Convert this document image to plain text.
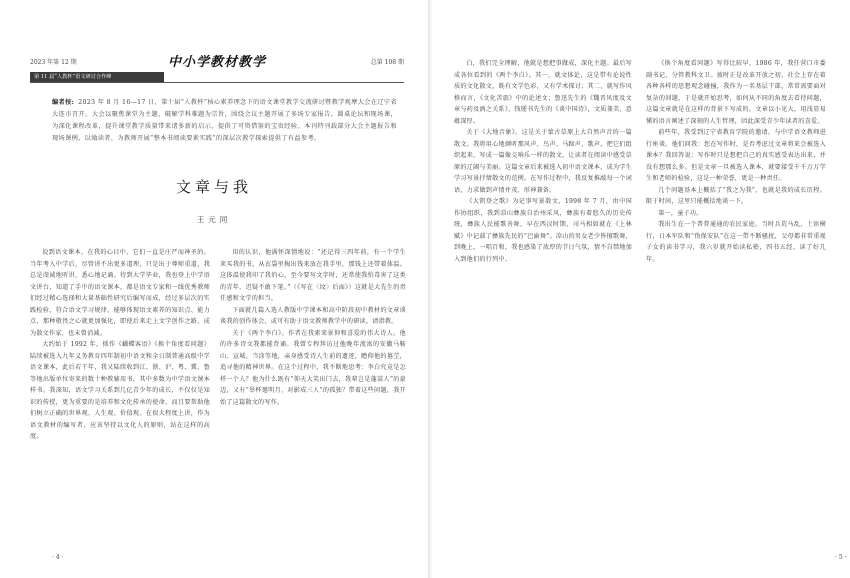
2023 年第 12 期	中小学教材教学	总第 108 期
第 11 届“人教杯”语文研讨合作峰
编者按: 2023 年 8 月 16—17 日，第十届“人教杯”核心素养理念下的语文课堂教学交流研讨暨教学观摩大会在辽宁省大连市召开。大会以聚焦课堂为主题，破解学科难题为宗旨，围绕会议主题开展了多场专家报告、圆桌论坛和现场课，为深化课程改革，提升课堂教学质量带来诸多新的启示，提供了可资借鉴的宝贵经验。本刊特刊载部分大会主题报告和现场课例，以飨读者，为教师开展“整本书阅读要素实践”的深层次教学探索提供了有益参考。
文章与我
王元同

说到语文课本，在我的心目中，它们一直是庄严而神圣的。当年考入中学后，尽管讲不出更多道理，只是出于尊师重道，我总是虔诚地听讲，悉心地记诵。待到大学毕业，我也登上中学语文讲台，知道了手中的语文课本，都是语文专家和一线优秀教师们经过精心选择和大量基础性研究后编写而成，经过多层次的实践检验，符合语文学习规律，能够体现语文素养的知识点、能力点，那种敬畏之心就更加强化，即使后来走上文学创作之路，成为散文作家，也未曾消减。

大约始于 1992 年，拙作《蝴蝶客语》《换个角度看问题》陆续被选入九年义务教育四年制初中语文和全日制普通高级中学语文课本，此后若干年，我又陆续收到江、浙、沪、粤、冀、鲁等地出版单位寄来的数十种教辅用书，其中多数为中学语文课本样书。我深知，语文学习关系到几亿青少年的成长，不仅仅是知识的传授，更为重要的是培养和文化传承的使命，而且要帮助他们树立正确的世界观、人生观、价值观。在很大程度上讲，作为语文教材的编写者，应该坚持以文化人的原则，站在这样的高度。

用的认识，他满怀深情地说：“还记得三四年前，有一个学生来买我的书，从衣袋里掏出钱来放在我手里，那钱上还带着体温。这体温使我印了我的心，至今要写文字时，还常使我怕毒害了这类的青年，迟疑不敢下笔。”（《写在〈坟〉后面》）这就是大先生的责任感和文学的担当。

下面就几篇入选人教版中学课本和高中阶段初中教材的文章谈谈我的创作体会，或可有助于语文教师教学中的研读，请指教。

关于《两个李白》。作者在我素来景仰和喜爱的伟大诗人。他的许多诗文我都能背诵。我曾专程拜访过他晚年流寓的安徽马鞍山、宣城、当涂等地，亲身感受诗人生前的遗迹，瞻仰他的墓茔，追寻他的精神世界。在这个过程中，我不断地思考：李白究竟是怎样一个人？他为什么既有“仰天大笑出门去，我辈岂是蓬蒿人”的豪迈，又有“举杯邀明月，对影成三人”的孤独？带着这些问题，我开始了这篇散文的写作。

· 4 ·

白，我们完全理解，他就是想把事做成，深化主题。最后写成各位看到的《两个李白》。其一，就文体论，这是带有论说性质的文化散文，既有文学色彩，又有学术探讨；其二，就写作风格而言，《文化苦旅》中的论述文；鲁迅先生的《魏晋风度及文章与药及酒之关系》，钱锺书先生的《谈中国诗》，文质兼美，意蕴深厚。

关于《大地音象》。这是关于蒙古草原上大自然声音的一篇散文。我将用心地倾听那风声、鸟声、马蹄声、歌声，把它们组织起来，写成一篇像交响乐一样的散文，让读者在阅读中感受草原的辽阔与美丽。这篇文章后来被选入初中语文课本，成为学生学习写景抒情散文的范例。在写作过程中，我反复推敲每一个词语，力求做到声情并茂、形神兼备。

《大凯登之歌》为记事写景散文，1998 年 7 月，由中国作协组织，我到凉山彝族自治州采风，彝族有着悠久的历史传统，彝族人民能歌善舞，早在西汉时期，司马相如就在《上林赋》中记载了彝族先民的“巴渝舞”。凉山的男女老少皆擅歌舞，到晚上，一唱百和，我也感染了浓厚的节日气氛，情不自禁地加入到他们的行列中。

《换个角度看问题》写得比较早，1986 年，我任营口市委副书记，分管教科文卫。彼时正是改革开放之初，社会上存在着各种各样的思想观念碰撞，我作为一名基层干部，常常需要面对复杂的问题，于是就开始思考，如何从不同的角度去看待问题，这篇文章就是在这样的背景下写成的。文章以小见大，用浅显易懂的语言阐述了深刻的人生哲理，因此深受青少年读者的喜爱。

前些年，我受到辽宁省教育学院的邀请，与中学语文教师进行座谈。他们问我：您在写作时，是否考虑过文章将来会被选入课本？我回答说：写作时只是想把自己的真实感受表达出来，并没有想那么多。但是文章一旦被选入课本，就要接受千千万万学生和老师的检验，这是一种荣誉，更是一种责任。

几个问题基本上概括了“我之为我”，也就是我的成长历程。限于时间，这里只能概括地谈一下。

第一，童子功。

我出生在一个普普通通的农民家庭，当时兵荒马乱，土匪横行，日本军队和“伪保安队”在这一带不断骚扰，父母都非常重视子女的读书学习，我六岁就开始读私塾，四书五经，读了好几年。

· 5 ·
